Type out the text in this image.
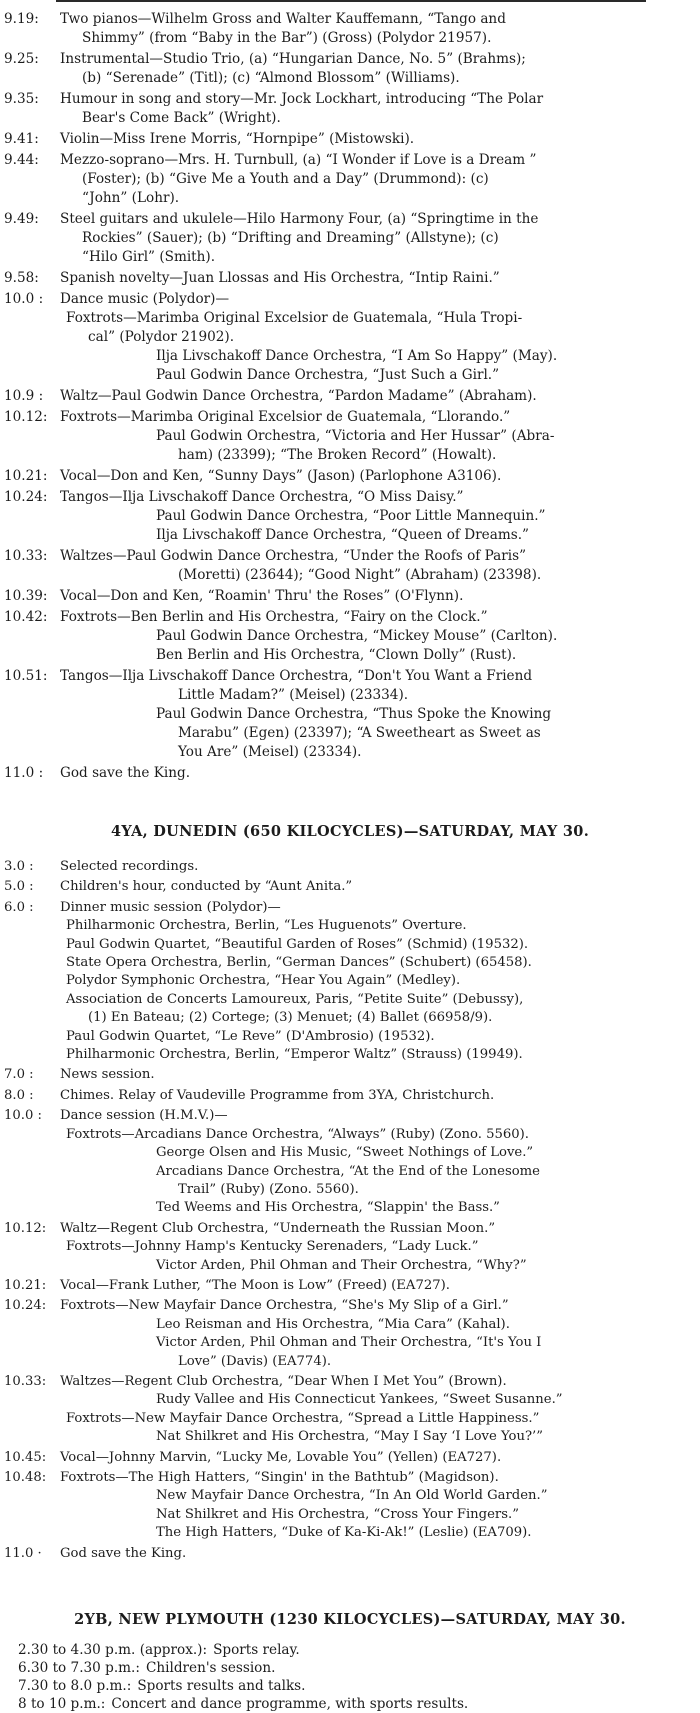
9.19: Two pianos—Wilhelm Gross and Walter Kauffemann, “Tango and
Shimmy” (from “Baby in the Bar”) (Gross) (Polydor 21957).
9.25: Instrumental—Studio Trio, (a) “Hungarian Dance, No. 5” (Brahms);
(b) “Serenade” (Titl); (c) “Almond Blossom” (Williams).
9.35: Humour in song and story—Mr. Jock Lockhart, introducing “The Polar
Bear's Come Back” (Wright).
9.41: Violin—Miss Irene Morris, “Hornpipe” (Mistowski).
9.44: Mezzo-soprano—Mrs. H. Turnbull, (a) “I Wonder if Love is a Dream ”
(Foster); (b) “Give Me a Youth and a Day” (Drummond): (c)
“John” (Lohr).
9.49: Steel guitars and ukulele—Hilo Harmony Four, (a) “Springtime in the
Rockies” (Sauer); (b) “Drifting and Dreaming” (Allstyne); (c)
“Hilo Girl” (Smith).
9.58: Spanish novelty—Juan Llossas and His Orchestra, “Intip Raini.”
10.0 : Dance music (Polydor)—
Foxtrots—Marimba Original Excelsior de Guatemala, “Hula Tropi-
cal” (Polydor 21902).
Ilja Livschakoff Dance Orchestra, “I Am So Happy” (May).
Paul Godwin Dance Orchestra, “Just Such a Girl.”
10.9 : Waltz—Paul Godwin Dance Orchestra, “Pardon Madame” (Abraham).
10.12: Foxtrots—Marimba Original Excelsior de Guatemala, “Llorando.”
Paul Godwin Orchestra, “Victoria and Her Hussar” (Abra-
ham) (23399); “The Broken Record” (Howalt).
10.21: Vocal—Don and Ken, “Sunny Days” (Jason) (Parlophone A3106).
10.24: Tangos—Ilja Livschakoff Dance Orchestra, “O Miss Daisy.”
Paul Godwin Dance Orchestra, “Poor Little Mannequin.”
Ilja Livschakoff Dance Orchestra, “Queen of Dreams.”
10.33: Waltzes—Paul Godwin Dance Orchestra, “Under the Roofs of Paris”
(Moretti) (23644); “Good Night” (Abraham) (23398).
10.39: Vocal—Don and Ken, “Roamin' Thru' the Roses” (O'Flynn).
10.42: Foxtrots—Ben Berlin and His Orchestra, “Fairy on the Clock.”
Paul Godwin Dance Orchestra, “Mickey Mouse” (Carlton).
Ben Berlin and His Orchestra, “Clown Dolly” (Rust).
10.51: Tangos—Ilja Livschakoff Dance Orchestra, “Don't You Want a Friend
Little Madam?” (Meisel) (23334).
Paul Godwin Dance Orchestra, “Thus Spoke the Knowing
Marabu” (Egen) (23397); “A Sweetheart as Sweet as
You Are” (Meisel) (23334).
11.0 : God save the King.
4YA, DUNEDIN (650 KILOCYCLES)—SATURDAY, MAY 30.
3.0 : Selected recordings.
5.0 : Children's hour, conducted by “Aunt Anita.”
6.0 : Dinner music session (Polydor)—
Philharmonic Orchestra, Berlin, “Les Huguenots” Overture.
Paul Godwin Quartet, “Beautiful Garden of Roses” (Schmid) (19532).
State Opera Orchestra, Berlin, “German Dances” (Schubert) (65458).
Polydor Symphonic Orchestra, “Hear You Again” (Medley).
Association de Concerts Lamoureux, Paris, “Petite Suite” (Debussy),
(1) En Bateau; (2) Cortege; (3) Menuet; (4) Ballet (66958/9).
Paul Godwin Quartet, “Le Reve” (D'Ambrosio) (19532).
Philharmonic Orchestra, Berlin, “Emperor Waltz” (Strauss) (19949).
7.0 : News session.
8.0 : Chimes. Relay of Vaudeville Programme from 3YA, Christchurch.
10.0 : Dance session (H.M.V.)—
Foxtrots—Arcadians Dance Orchestra, “Always” (Ruby) (Zono. 5560).
George Olsen and His Music, “Sweet Nothings of Love.”
Arcadians Dance Orchestra, “At the End of the Lonesome
Trail” (Ruby) (Zono. 5560).
Ted Weems and His Orchestra, “Slappin' the Bass.”
10.12: Waltz—Regent Club Orchestra, “Underneath the Russian Moon.”
Foxtrots—Johnny Hamp's Kentucky Serenaders, “Lady Luck.”
Victor Arden, Phil Ohman and Their Orchestra, “Why?”
10.21: Vocal—Frank Luther, “The Moon is Low” (Freed) (EA727).
10.24: Foxtrots—New Mayfair Dance Orchestra, “She's My Slip of a Girl.”
Leo Reisman and His Orchestra, “Mia Cara” (Kahal).
Victor Arden, Phil Ohman and Their Orchestra, “It's You I
Love” (Davis) (EA774).
10.33: Waltzes—Regent Club Orchestra, “Dear When I Met You” (Brown).
Rudy Vallee and His Connecticut Yankees, “Sweet Susanne.”
Foxtrots—New Mayfair Dance Orchestra, “Spread a Little Happiness.”
Nat Shilkret and His Orchestra, “May I Say ‘I Love You?’”
10.45: Vocal—Johnny Marvin, “Lucky Me, Lovable You” (Yellen) (EA727).
10.48: Foxtrots—The High Hatters, “Singin' in the Bathtub” (Magidson).
New Mayfair Dance Orchestra, “In An Old World Garden.”
Nat Shilkret and His Orchestra, “Cross Your Fingers.”
The High Hatters, “Duke of Ka-Ki-Ak!” (Leslie) (EA709).
11.0 · God save the King.
2YB, NEW PLYMOUTH (1230 KILOCYCLES)—SATURDAY, MAY 30.
2.30 to 4.30 p.m. (approx.): Sports relay.
6.30 to 7.30 p.m.: Children's session.
7.30 to 8.0 p.m.: Sports results and talks.
8 to 10 p.m.: Concert and dance programme, with sports results.
